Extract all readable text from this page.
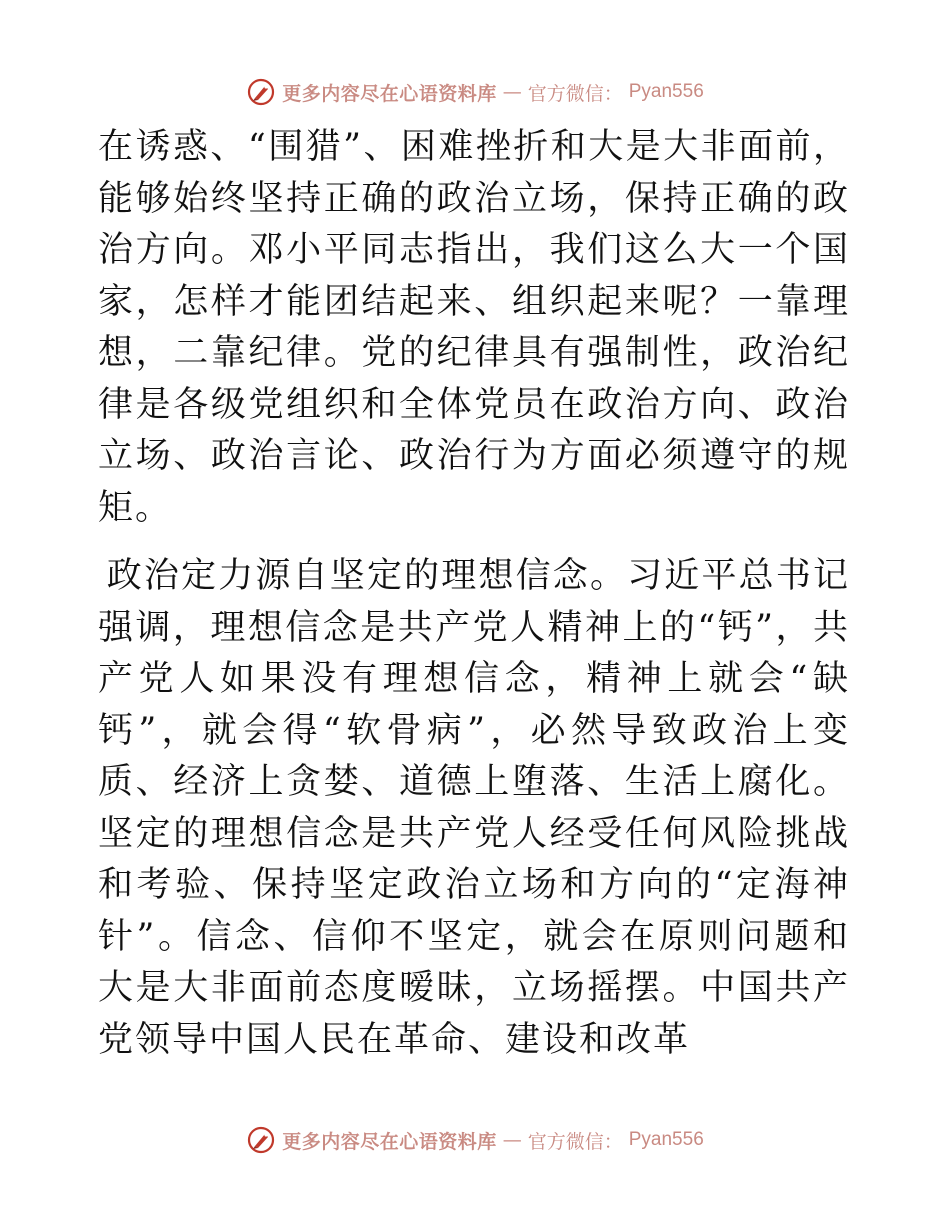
更多内容尽在心语资料库 — 官方微信： Pyan556

在诱惑、“围猎”、困难挫折和大是大非面前，能够始终坚持正确的政治立场，保持正确的政治方向。邓小平同志指出，我们这么大一个国家，怎样才能团结起来、组织起来呢？一靠理想，二靠纪律。党的纪律具有强制性，政治纪律是各级党组织和全体党员在政治方向、政治立场、政治言论、政治行为方面必须遵守的规矩。

政治定力源自坚定的理想信念。习近平总书记强调，理想信念是共产党人精神上的“钙”，共产党人如果没有理想信念，精神上就会“缺钙”，就会得“软骨病”，必然导致政治上变质、经济上贪婪、道德上堕落、生活上腐化。坚定的理想信念是共产党人经受任何风险挑战和考验、保持坚定政治立场和方向的“定海神针”。信念、信仰不坚定，就会在原则问题和大是大非面前态度暧昧，立场摇摆。中国共产党领导中国人民在革命、建设和改革

更多内容尽在心语资料库 — 官方微信： Pyan556
